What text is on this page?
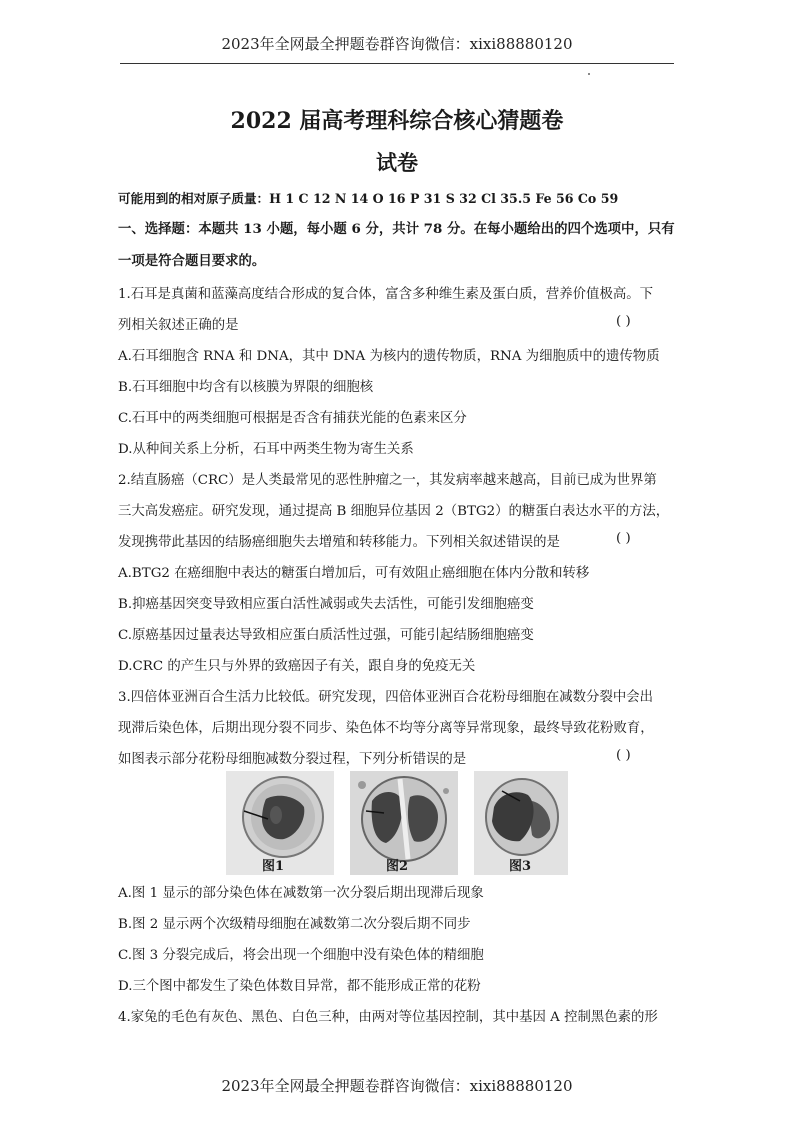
2023年全网最全押题卷群咨询微信：xixi88880120
2022 届高考理科综合核心猜题卷
试卷
可能用到的相对原子质量：H 1 C 12 N 14 O 16 P 31 S 32 Cl 35.5 Fe 56 Co 59
一、选择题：本题共 13 小题，每小题 6 分，共计 78 分。在每小题给出的四个选项中，只有
一项是符合题目要求的。
1.石耳是真菌和蓝藻高度结合形成的复合体，富含多种维生素及蛋白质，营养价值极高。下
列相关叙述正确的是	( )
A.石耳细胞含 RNA 和 DNA，其中 DNA 为核内的遗传物质，RNA 为细胞质中的遗传物质
B.石耳细胞中均含有以核膜为界限的细胞核
C.石耳中的两类细胞可根据是否含有捕获光能的色素来区分
D.从种间关系上分析，石耳中两类生物为寄生关系
2.结直肠癌（CRC）是人类最常见的恶性肿瘤之一，其发病率越来越高，目前已成为世界第
三大高发癌症。研究发现，通过提高 B 细胞异位基因 2（BTG2）的糖蛋白表达水平的方法，
发现携带此基因的结肠癌细胞失去增殖和转移能力。下列相关叙述错误的是	( )
A.BTG2 在癌细胞中表达的糖蛋白增加后，可有效阻止癌细胞在体内分散和转移
B.抑癌基因突变导致相应蛋白活性减弱或失去活性，可能引发细胞癌变
C.原癌基因过量表达导致相应蛋白质活性过强，可能引起结肠细胞癌变
D.CRC 的产生只与外界的致癌因子有关，跟自身的免疫无关
3.四倍体亚洲百合生活力比较低。研究发现，四倍体亚洲百合花粉母细胞在减数分裂中会出
现滞后染色体，后期出现分裂不同步、染色体不均等分离等异常现象，最终导致花粉败育，
如图表示部分花粉母细胞减数分裂过程，下列分析错误的是	( )
图1	图2	图3
A.图 1 显示的部分染色体在减数第一次分裂后期出现滞后现象
B.图 2 显示两个次级精母细胞在减数第二次分裂后期不同步
C.图 3 分裂完成后，将会出现一个细胞中没有染色体的精细胞
D.三个图中都发生了染色体数目异常，都不能形成正常的花粉
4.家兔的毛色有灰色、黑色、白色三种，由两对等位基因控制，其中基因 A 控制黑色素的形
2023年全网最全押题卷群咨询微信：xixi88880120
